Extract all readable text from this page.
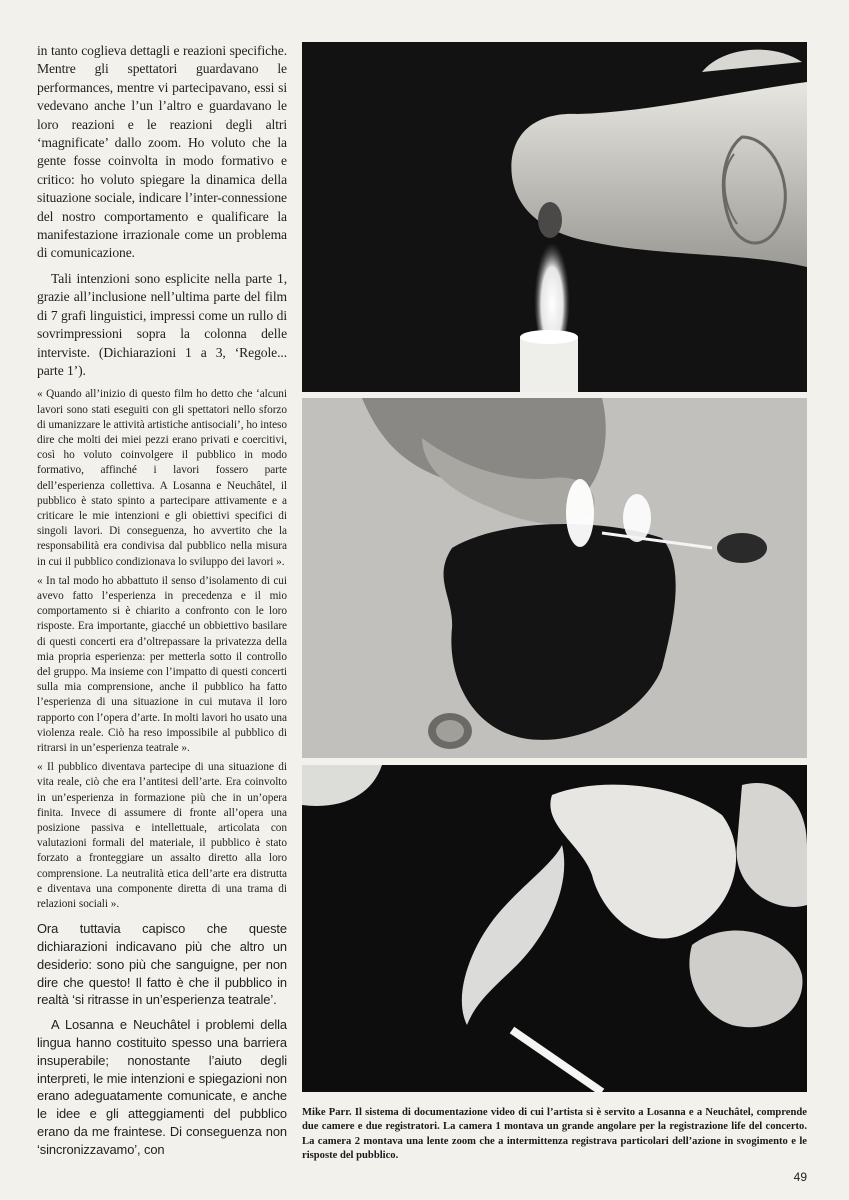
in tanto coglieva dettagli e reazioni specifiche. Mentre gli spettatori guardavano le performances, mentre vi partecipavano, essi si vedevano anche l’un l’altro e guardavano le loro reazioni e le reazioni degli altri ‘magnificate’ dallo zoom. Ho voluto che la gente fosse coinvolta in modo formativo e critico: ho voluto spiegare la dinamica della situazione sociale, indicare l’inter-connessione del nostro comportamento e qualificare la manifestazione irrazionale come un problema di comunicazione.

Tali intenzioni sono esplicite nella parte 1, grazie all’inclusione nell’ultima parte del film di 7 grafi linguistici, impressi come un rullo di sovrimpressioni sopra la colonna delle interviste. (Dichiarazioni 1 a 3, ‘Regole... parte 1’).

« Quando all’inizio di questo film ho detto che ‘alcuni lavori sono stati eseguiti con gli spettatori nello sforzo di umanizzare le attività artistiche antisociali’, ho inteso dire che molti dei miei pezzi erano privati e coercitivi, così ho voluto coinvolgere il pubblico in modo formativo, affinché i lavori fossero parte dell’esperienza collettiva. A Losanna e Neuchâtel, il pubblico è stato spinto a partecipare attivamente e a criticare le mie intenzioni e gli obiettivi specifici di singoli lavori. Di conseguenza, ho avvertito che la responsabilità era condivisa dal pubblico nella misura in cui il pubblico condizionava lo sviluppo dei lavori ».

« In tal modo ho abbattuto il senso d’isolamento di cui avevo fatto l’esperienza in precedenza e il mio comportamento si è chiarito a confronto con le loro risposte. Era importante, giacché un obbiettivo basilare di questi concerti era d’oltrepassare la privatezza della mia propria esperienza: per metterla sotto il controllo del gruppo. Ma insieme con l’impatto di questi concerti sulla mia comprensione, anche il pubblico ha fatto l’esperienza di una situazione in cui mutava il loro rapporto con l’opera d’arte. In molti lavori ho usato una violenza reale. Ciò ha reso impossibile al pubblico di ritrarsi in un’esperienza teatrale ».

« Il pubblico diventava partecipe di una situazione di vita reale, ciò che era l’antitesi dell’arte. Era coinvolto in un’esperienza in formazione più che in un’opera finita. Invece di assumere di fronte all’opera una posizione passiva e intellettuale, articolata con valutazioni formali del materiale, il pubblico è stato forzato a fronteggiare un assalto diretto alla loro comprensione. La neutralità etica dell’arte era distrutta e diventava una componente diretta di una trama di relazioni sociali ».

Ora tuttavia capisco che queste dichiarazioni indicavano più che altro un desiderio: sono più che sanguigne, per non dire che questo! Il fatto è che il pubblico in realtà ‘si ritrasse in un’esperienza teatrale’.

A Losanna e Neuchâtel i problemi della lingua hanno costituito spesso una barriera insuperabile; nonostante l’aiuto degli interpreti, le mie intenzioni e spiegazioni non erano adeguatamente comunicate, e anche le idee e gli atteggiamenti del pubblico erano da me fraintese. Di conseguenza non ‘sincronizzavamo’, con

Mike Parr. Il sistema di documentazione video di cui l’artista si è servito a Losanna e a Neuchâtel, comprende due camere e due registratori. La camera 1 montava un grande angolare per la registrazione life del concerto. La camera 2 montava una lente zoom che a intermittenza registrava particolari dell’azione in svogimento e le risposte del pubblico.

49
